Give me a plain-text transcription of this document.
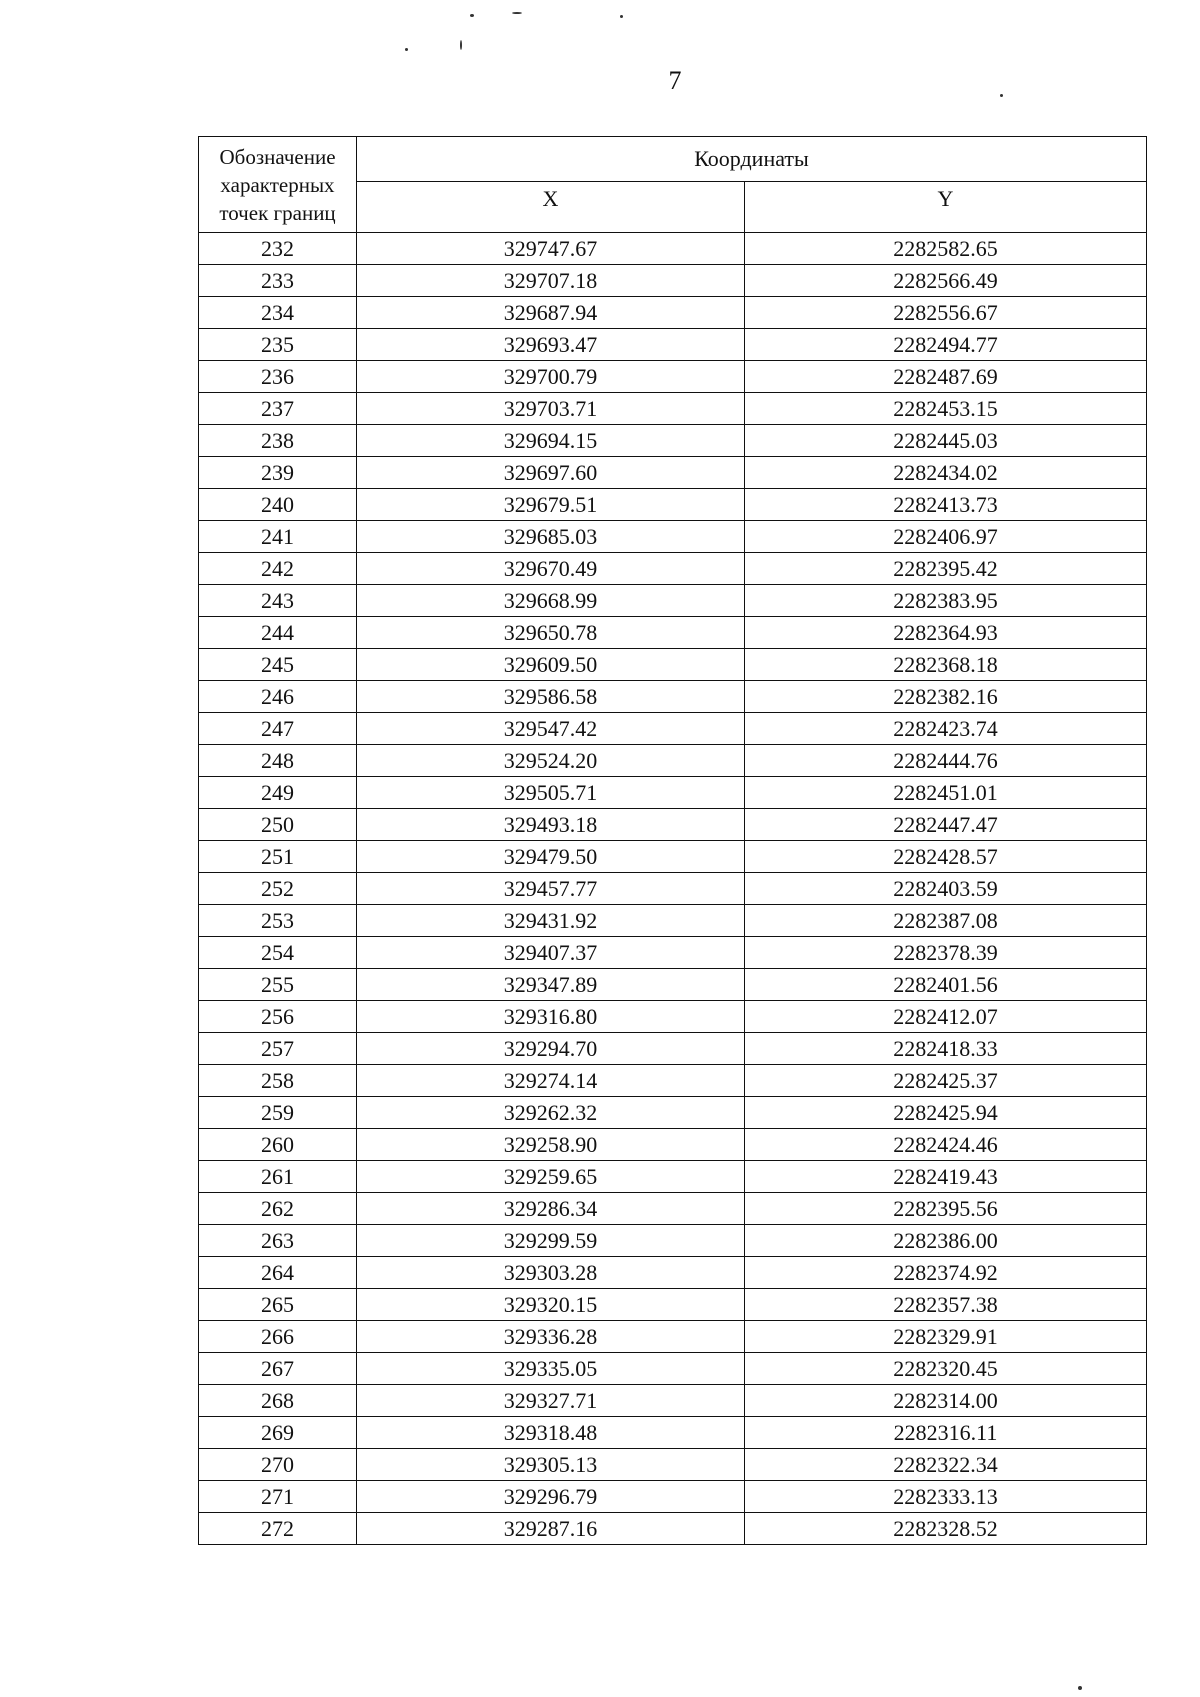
7
Обозначение характерных точек границ	Координаты	
	X	Y
232	329747.67	2282582.65
233	329707.18	2282566.49
234	329687.94	2282556.67
235	329693.47	2282494.77
236	329700.79	2282487.69
237	329703.71	2282453.15
238	329694.15	2282445.03
239	329697.60	2282434.02
240	329679.51	2282413.73
241	329685.03	2282406.97
242	329670.49	2282395.42
243	329668.99	2282383.95
244	329650.78	2282364.93
245	329609.50	2282368.18
246	329586.58	2282382.16
247	329547.42	2282423.74
248	329524.20	2282444.76
249	329505.71	2282451.01
250	329493.18	2282447.47
251	329479.50	2282428.57
252	329457.77	2282403.59
253	329431.92	2282387.08
254	329407.37	2282378.39
255	329347.89	2282401.56
256	329316.80	2282412.07
257	329294.70	2282418.33
258	329274.14	2282425.37
259	329262.32	2282425.94
260	329258.90	2282424.46
261	329259.65	2282419.43
262	329286.34	2282395.56
263	329299.59	2282386.00
264	329303.28	2282374.92
265	329320.15	2282357.38
266	329336.28	2282329.91
267	329335.05	2282320.45
268	329327.71	2282314.00
269	329318.48	2282316.11
270	329305.13	2282322.34
271	329296.79	2282333.13
272	329287.16	2282328.52
